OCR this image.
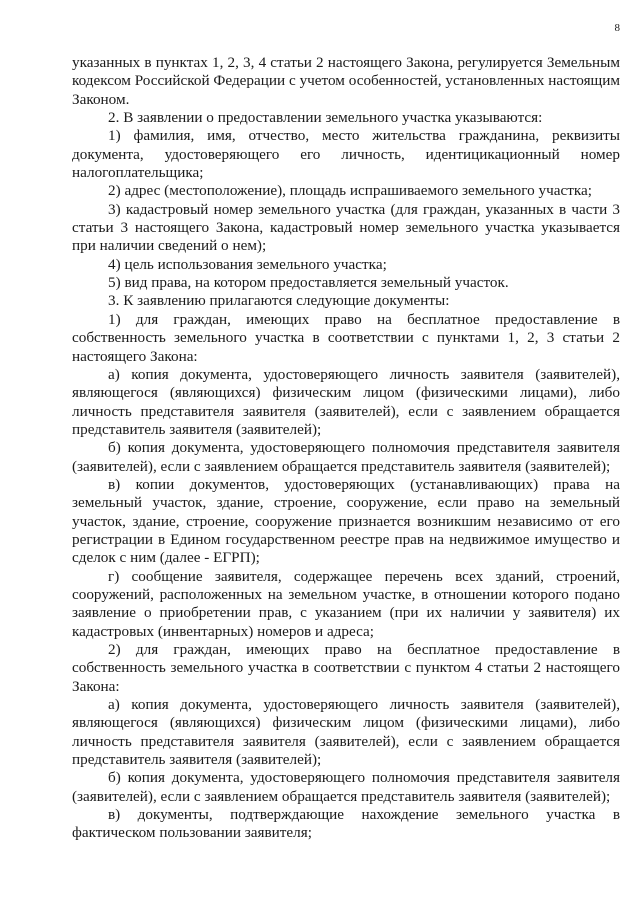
8

указанных в пунктах 1, 2, 3, 4 статьи 2 настоящего Закона, регулируется Земельным кодексом Российской Федерации с учетом особенностей, установленных настоящим Законом.

2. В заявлении о предоставлении земельного участка указываются:

1) фамилия, имя, отчество, место жительства гражданина, реквизиты документа, удостоверяющего его личность, идентицикационный номер налогоплательщика;

2) адрес (местоположение), площадь испрашиваемого земельного участка;

3) кадастровый номер земельного участка (для граждан, указанных в части 3 статьи 3 настоящего Закона, кадастровый номер земельного участка указывается при наличии сведений о нем);

4) цель использования земельного участка;

5) вид права, на котором предоставляется земельный участок.

3. К заявлению прилагаются следующие документы:

1) для граждан, имеющих право на бесплатное предоставление в собственность земельного участка в соответствии с пунктами 1, 2, 3 статьи 2 настоящего Закона:

а) копия документа, удостоверяющего личность заявителя (заявителей), являющегося (являющихся) физическим лицом (физическими лицами), либо личность представителя заявителя (заявителей), если с заявлением обращается представитель заявителя (заявителей);

б) копия документа, удостоверяющего полномочия представителя заявителя (заявителей), если с заявлением обращается представитель заявителя (заявителей);

в) копии документов, удостоверяющих (устанавливающих) права на земельный участок, здание, строение, сооружение, если право на земельный участок, здание, строение, сооружение признается возникшим независимо от его регистрации в Едином государственном реестре прав на недвижимое имущество и сделок с ним (далее - ЕГРП);

г) сообщение заявителя, содержащее перечень всех зданий, строений, сооружений, расположенных на земельном участке, в отношении которого подано заявление о приобретении прав, с указанием (при их наличии у заявителя) их кадастровых (инвентарных) номеров и адреса;

2) для граждан, имеющих право на бесплатное предоставление в собственность земельного участка в соответствии с пунктом 4 статьи 2 настоящего Закона:

а) копия документа, удостоверяющего личность заявителя (заявителей), являющегося (являющихся) физическим лицом (физическими лицами), либо личность представителя заявителя (заявителей), если с заявлением обращается представитель заявителя (заявителей);

б) копия документа, удостоверяющего полномочия представителя заявителя (заявителей), если с заявлением обращается представитель заявителя (заявителей);

в) документы, подтверждающие нахождение земельного участка в фактическом пользовании заявителя;
